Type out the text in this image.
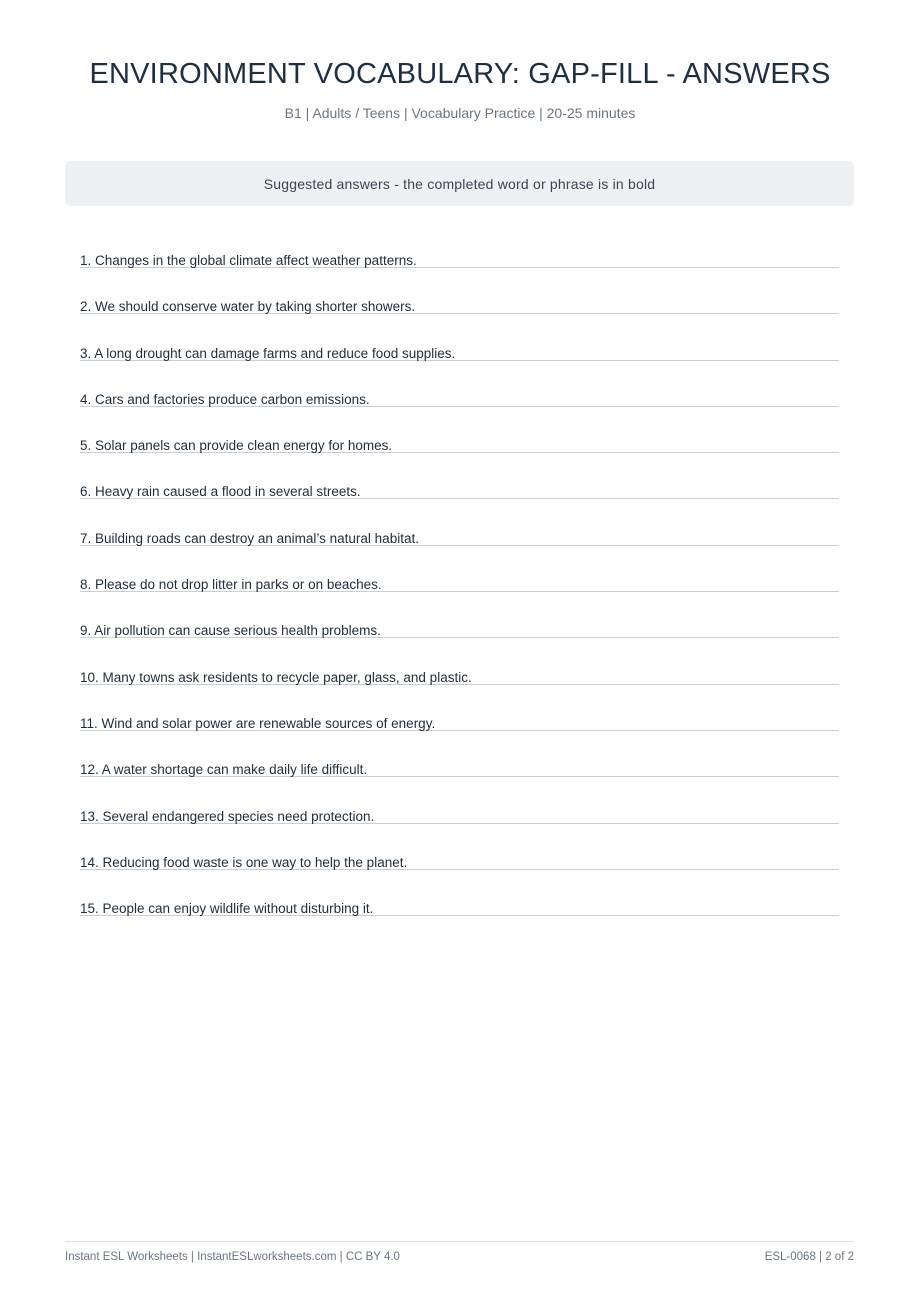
ENVIRONMENT VOCABULARY: GAP-FILL - ANSWERS
B1 | Adults / Teens | Vocabulary Practice | 20-25 minutes
Suggested answers - the completed word or phrase is in bold
1. Changes in the global climate affect weather patterns.
2. We should conserve water by taking shorter showers.
3. A long drought can damage farms and reduce food supplies.
4. Cars and factories produce carbon emissions.
5. Solar panels can provide clean energy for homes.
6. Heavy rain caused a flood in several streets.
7. Building roads can destroy an animal’s natural habitat.
8. Please do not drop litter in parks or on beaches.
9. Air pollution can cause serious health problems.
10. Many towns ask residents to recycle paper, glass, and plastic.
11. Wind and solar power are renewable sources of energy.
12. A water shortage can make daily life difficult.
13. Several endangered species need protection.
14. Reducing food waste is one way to help the planet.
15. People can enjoy wildlife without disturbing it.
Instant ESL Worksheets | InstantESLworksheets.com | CC BY 4.0	ESL-0068 | 2 of 2
